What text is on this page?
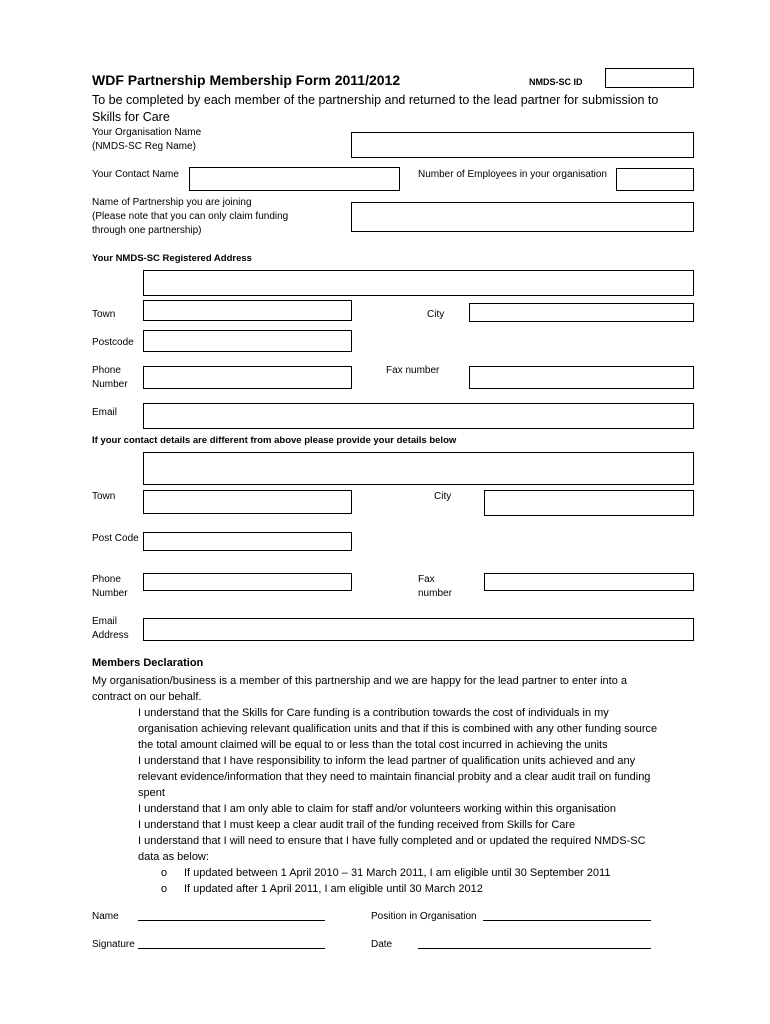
WDF Partnership Membership Form 2011/2012	NMDS-SC ID
To be completed by each member of the partnership and returned to the lead partner for submission to
Skills for Care
Your Organisation Name
(NMDS-SC Reg Name)
Your Contact Name	Number of Employees in your organisation
Name of Partnership you are joining
(Please note that you can only claim funding
through one partnership)
Your NMDS-SC Registered Address
Town	City
Postcode
Phone
Number
Fax number
Email
If your contact details are different from above please provide your details below
Town	City
Post Code
Phone
Number
Fax
number
Email
Address
Members Declaration
My organisation/business is a member of this partnership and we are happy for the lead partner to enter into a
contract on our behalf.
I understand that the Skills for Care funding is a contribution towards the cost of individuals in my
organisation achieving relevant qualification units and that if this is combined with any other funding source
the total amount claimed will be equal to or less than the total cost incurred in achieving the units
I understand that I have responsibility to inform the lead partner of qualification units achieved and any
relevant evidence/information that they need to maintain financial probity and a clear audit trail on funding
spent
I understand that I am only able to claim for staff and/or volunteers working within this organisation
I understand that I must keep a clear audit trail of the funding received from Skills for Care
I understand that I will need to ensure that I have fully completed and or updated the required NMDS-SC
data as below:
o If updated between 1 April 2010 – 31 March 2011, I am eligible until 30 September 2011
o If updated after 1 April 2011, I am eligible until 30 March 2012
Name	Position in Organisation
Signature	Date
